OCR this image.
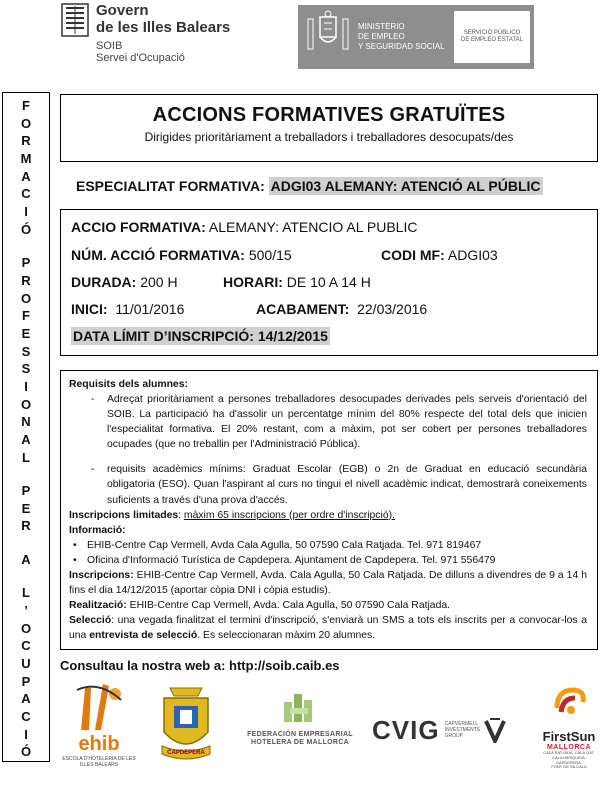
Govern
de les Illes Balears
SOIB
Servei d'Ocupació
MINISTERIO
DE EMPLEO
Y SEGURIDAD SOCIAL
SERVICIO PÚBLICO
DE EMPLEO ESTATAL
F
O
R
M
A
C
I
Ó
P
R
O
F
E
S
S
I
O
N
A
L
P
E
R
A
L
’
O
C
U
P
A
C
I
Ó
ACCIONS FORMATIVES GRATUÏTES

Dirigides prioritàriament a treballadors i treballadores desocupats/des

ESPECIALITAT FORMATIVA: ADGI03 ALEMANY: ATENCIÓ AL PÚBLIC
ACCIO FORMATIVA: ALEMANY: ATENCIO AL PUBLIC
NÚM. ACCIÓ FORMATIVA: 500/15	CODI MF: ADGI03
DURADA: 200 H	HORARI: DE 10 A 14 H
INICI:  11/01/2016	ACABAMENT:  22/03/2016
DATA LÍMIT D’INSCRIPCIÓ: 14/12/2015
Requisits dels alumnes:
-	Adreçat prioritàriament a persones treballadores desocupades derivades pels serveis d'orientació del SOIB. La participació ha d'assolir un percentatge mínim del 80% respecte del total dels que inicien l'especialitat formativa. El 20% restant, com a màxim, pot ser cobert per persones treballadores ocupades (que no treballin per l'Administració Pública).
-	requisits acadèmics mínims: Graduat Escolar (EGB) o 2n de Graduat en educació secundària obligatoria (ESO). Quan l'aspirant al curs no tingui el nivell acadèmic indicat, demostrarà coneixements suficients a través d'una prova d'accés.

Inscripcions limitades: màxim 65 inscripcions (per ordre d'inscripció).

Informació:

• EHIB-Centre Cap Vermell, Avda Cala Agulla, 50 07590 Cala Ratjada. Tel. 971 819467
• Oficina d'Informació Turística de Capdepera. Ajuntament de Capdepera. Tel. 971 556479

Inscripcions: EHIB-Centre Cap Vermell, Avda. Cala Agulla, 50 Cala Ratjada. De dilluns a divendres de 9 a 14 h fins el dia 14/12/2015 (aportar còpia DNI i còpia estudis).

Realització: EHIB-Centre Cap Vermell, Avda. Cala Agulla, 50 07590 Cala Ratjada.

Selecció: una vegada finalitzat el termini d'inscripció, s'enviarà un SMS a tots els inscrits per a convocar-los a una entrevista de selecció. Es seleccionaran màxim 20 alumnes.

Consultau la nostra web a: http://soib.caib.es
ehib
ESCOLA D'HOTELERIA DE LES ILLES BALEARS
CAPDEPERA
FEDERACIÓN EMPRESARIAL
HOTELERA DE MALLORCA CVIG CAPVERMELL
INVESTMENTS
GROUP	FirstSun
MALLORCA
CALA RATJADA, CALA GAT,
CALA MESQUIDA, CAPDEPERA,
FONT DE SA CALA
